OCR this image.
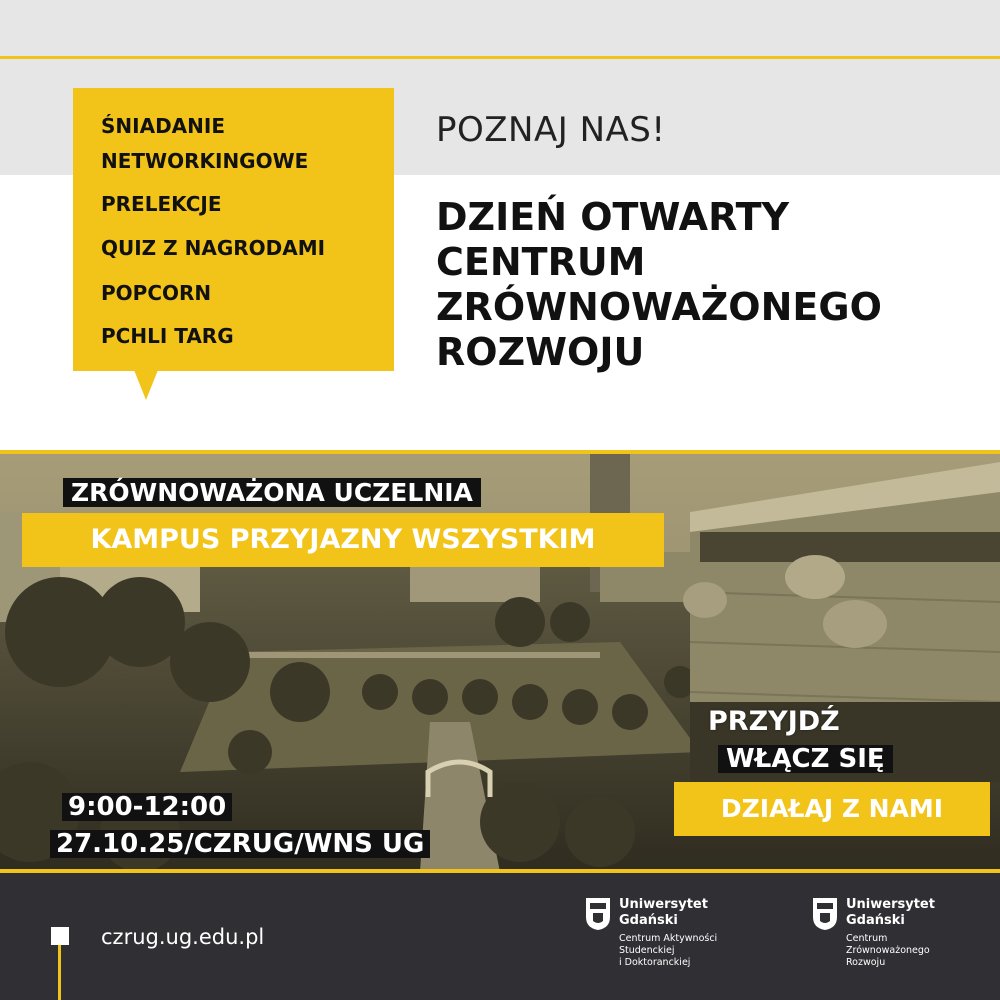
ŚNIADANIE
NETWORKINGOWE
PRELEKCJE
QUIZ Z NAGRODAMI
POPCORN
PCHLI TARG
POZNAJ NAS!
DZIEŃ OTWARTY
CENTRUM
ZRÓWNOWAŻONEGO
ROZWOJU
ZRÓWNOWAŻONA UCZELNIA
KAMPUS PRZYJAZNY WSZYSTKIM
PRZYJDŹ
WŁĄCZ SIĘ
DZIAŁAJ Z NAMI
9:00-12:00
27.10.25/CZRUG/WNS UG
czrug.ug.edu.pl
Uniwersytet
Gdański
Centrum Aktywności
Studenckiej
i Doktoranckiej
Uniwersytet
Gdański
Centrum
Zrównoważonego
Rozwoju
